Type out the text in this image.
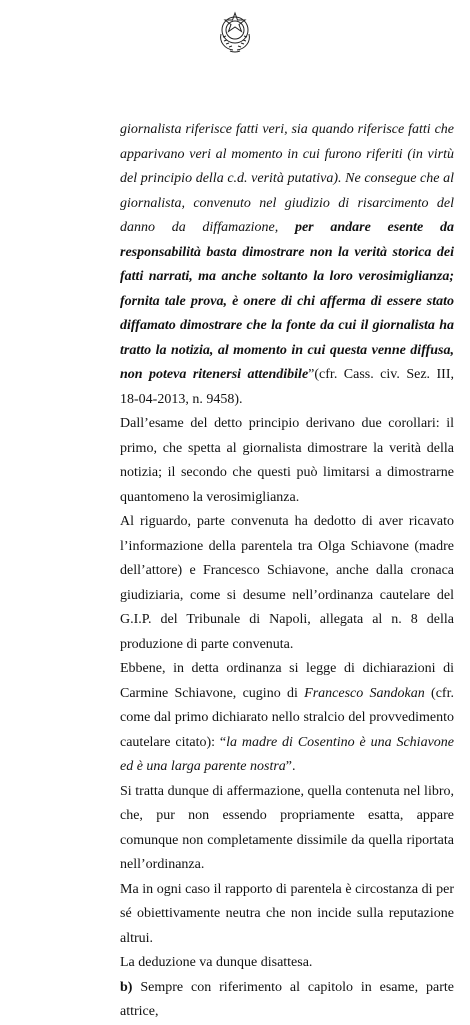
giornalista riferisce fatti veri, sia quando riferisce fatti che apparivano veri al momento in cui furono riferiti (in virtù del principio della c.d. verità putativa). Ne consegue che al giornalista, convenuto nel giudizio di risarcimento del danno da diffamazione, per andare esente da responsabilità basta dimostrare non la verità storica dei fatti narrati, ma anche soltanto la loro verosimiglianza; fornita tale prova, è onere di chi afferma di essere stato diffamato dimostrare che la fonte da cui il giornalista ha tratto la notizia, al momento in cui questa venne diffusa, non poteva ritenersi attendibile”(cfr. Cass. civ. Sez. III, 18-04-2013, n. 9458).

Dall’esame del detto principio derivano due corollari: il primo, che spetta al giornalista dimostrare la verità della notizia; il secondo che questi può limitarsi a dimostrarne quantomeno la verosimiglianza.

Al riguardo, parte convenuta ha dedotto di aver ricavato l’informazione della parentela tra Olga Schiavone (madre dell’attore) e Francesco Schiavone, anche dalla cronaca giudiziaria, come si desume nell’ordinanza cautelare del G.I.P. del Tribunale di Napoli, allegata al n. 8 della produzione di parte convenuta.

Ebbene, in detta ordinanza si legge di dichiarazioni di Carmine Schiavone, cugino di Francesco Sandokan (cfr. come dal primo dichiarato nello stralcio del provvedimento cautelare citato): “la madre di Cosentino è una Schiavone ed è una larga parente nostra”.

Si tratta dunque di affermazione, quella contenuta nel libro, che, pur non essendo propriamente esatta, appare comunque non completamente dissimile da quella riportata nell’ordinanza.

Ma in ogni caso il rapporto di parentela è circostanza di per sé obiettivamente neutra che non incide sulla reputazione altrui.

La deduzione va dunque disattesa.

b) Sempre con riferimento al capitolo in esame, parte attrice,
